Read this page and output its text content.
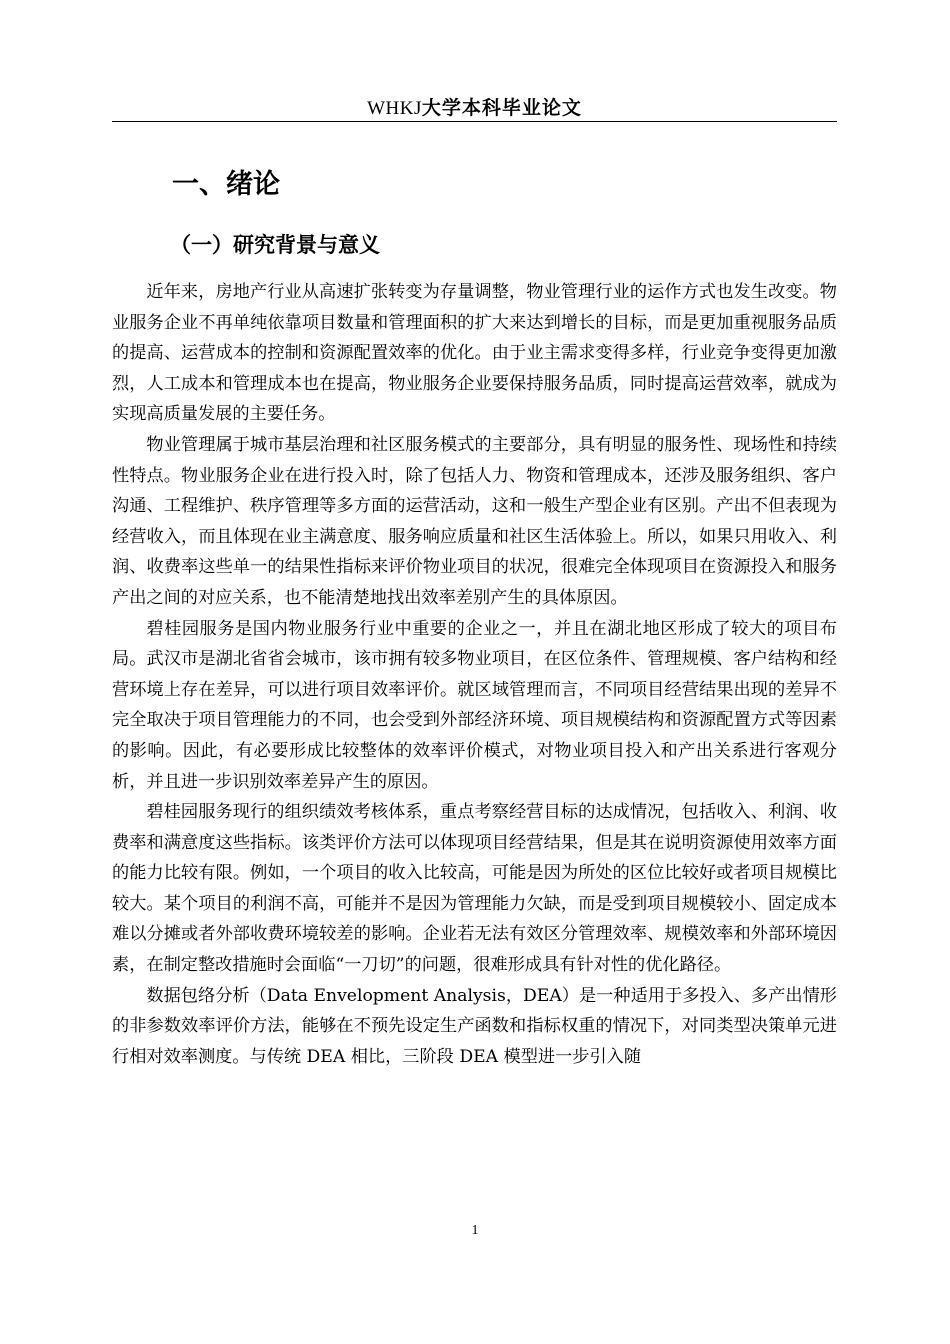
WHKJ大学本科毕业论文
一、绪论
（一）研究背景与意义

近年来，房地产行业从高速扩张转变为存量调整，物业管理行业的运作方式也发生改变。物业服务企业不再单纯依靠项目数量和管理面积的扩大来达到增长的目标，而是更加重视服务品质的提高、运营成本的控制和资源配置效率的优化。由于业主需求变得多样，行业竞争变得更加激烈，人工成本和管理成本也在提高，物业服务企业要保持服务品质，同时提高运营效率，就成为实现高质量发展的主要任务。

物业管理属于城市基层治理和社区服务模式的主要部分，具有明显的服务性、现场性和持续性特点。物业服务企业在进行投入时，除了包括人力、物资和管理成本，还涉及服务组织、客户沟通、工程维护、秩序管理等多方面的运营活动，这和一般生产型企业有区别。产出不但表现为经营收入，而且体现在业主满意度、服务响应质量和社区生活体验上。所以，如果只用收入、利润、收费率这些单一的结果性指标来评价物业项目的状况，很难完全体现项目在资源投入和服务产出之间的对应关系，也不能清楚地找出效率差别产生的具体原因。

碧桂园服务是国内物业服务行业中重要的企业之一，并且在湖北地区形成了较大的项目布局。武汉市是湖北省省会城市，该市拥有较多物业项目，在区位条件、管理规模、客户结构和经营环境上存在差异，可以进行项目效率评价。就区域管理而言，不同项目经营结果出现的差异不完全取决于项目管理能力的不同，也会受到外部经济环境、项目规模结构和资源配置方式等因素的影响。因此，有必要形成比较整体的效率评价模式，对物业项目投入和产出关系进行客观分析，并且进一步识别效率差异产生的原因。

碧桂园服务现行的组织绩效考核体系，重点考察经营目标的达成情况，包括收入、利润、收费率和满意度这些指标。该类评价方法可以体现项目经营结果，但是其在说明资源使用效率方面的能力比较有限。例如，一个项目的收入比较高，可能是因为所处的区位比较好或者项目规模比较大。某个项目的利润不高，可能并不是因为管理能力欠缺，而是受到项目规模较小、固定成本难以分摊或者外部收费环境较差的影响。企业若无法有效区分管理效率、规模效率和外部环境因素，在制定整改措施时会面临“一刀切”的问题，很难形成具有针对性的优化路径。

数据包络分析（Data Envelopment Analysis，DEA）是一种适用于多投入、多产出情形的非参数效率评价方法，能够在不预先设定生产函数和指标权重的情况下，对同类型决策单元进行相对效率测度。与传统 DEA 相比，三阶段 DEA 模型进一步引入随

1
